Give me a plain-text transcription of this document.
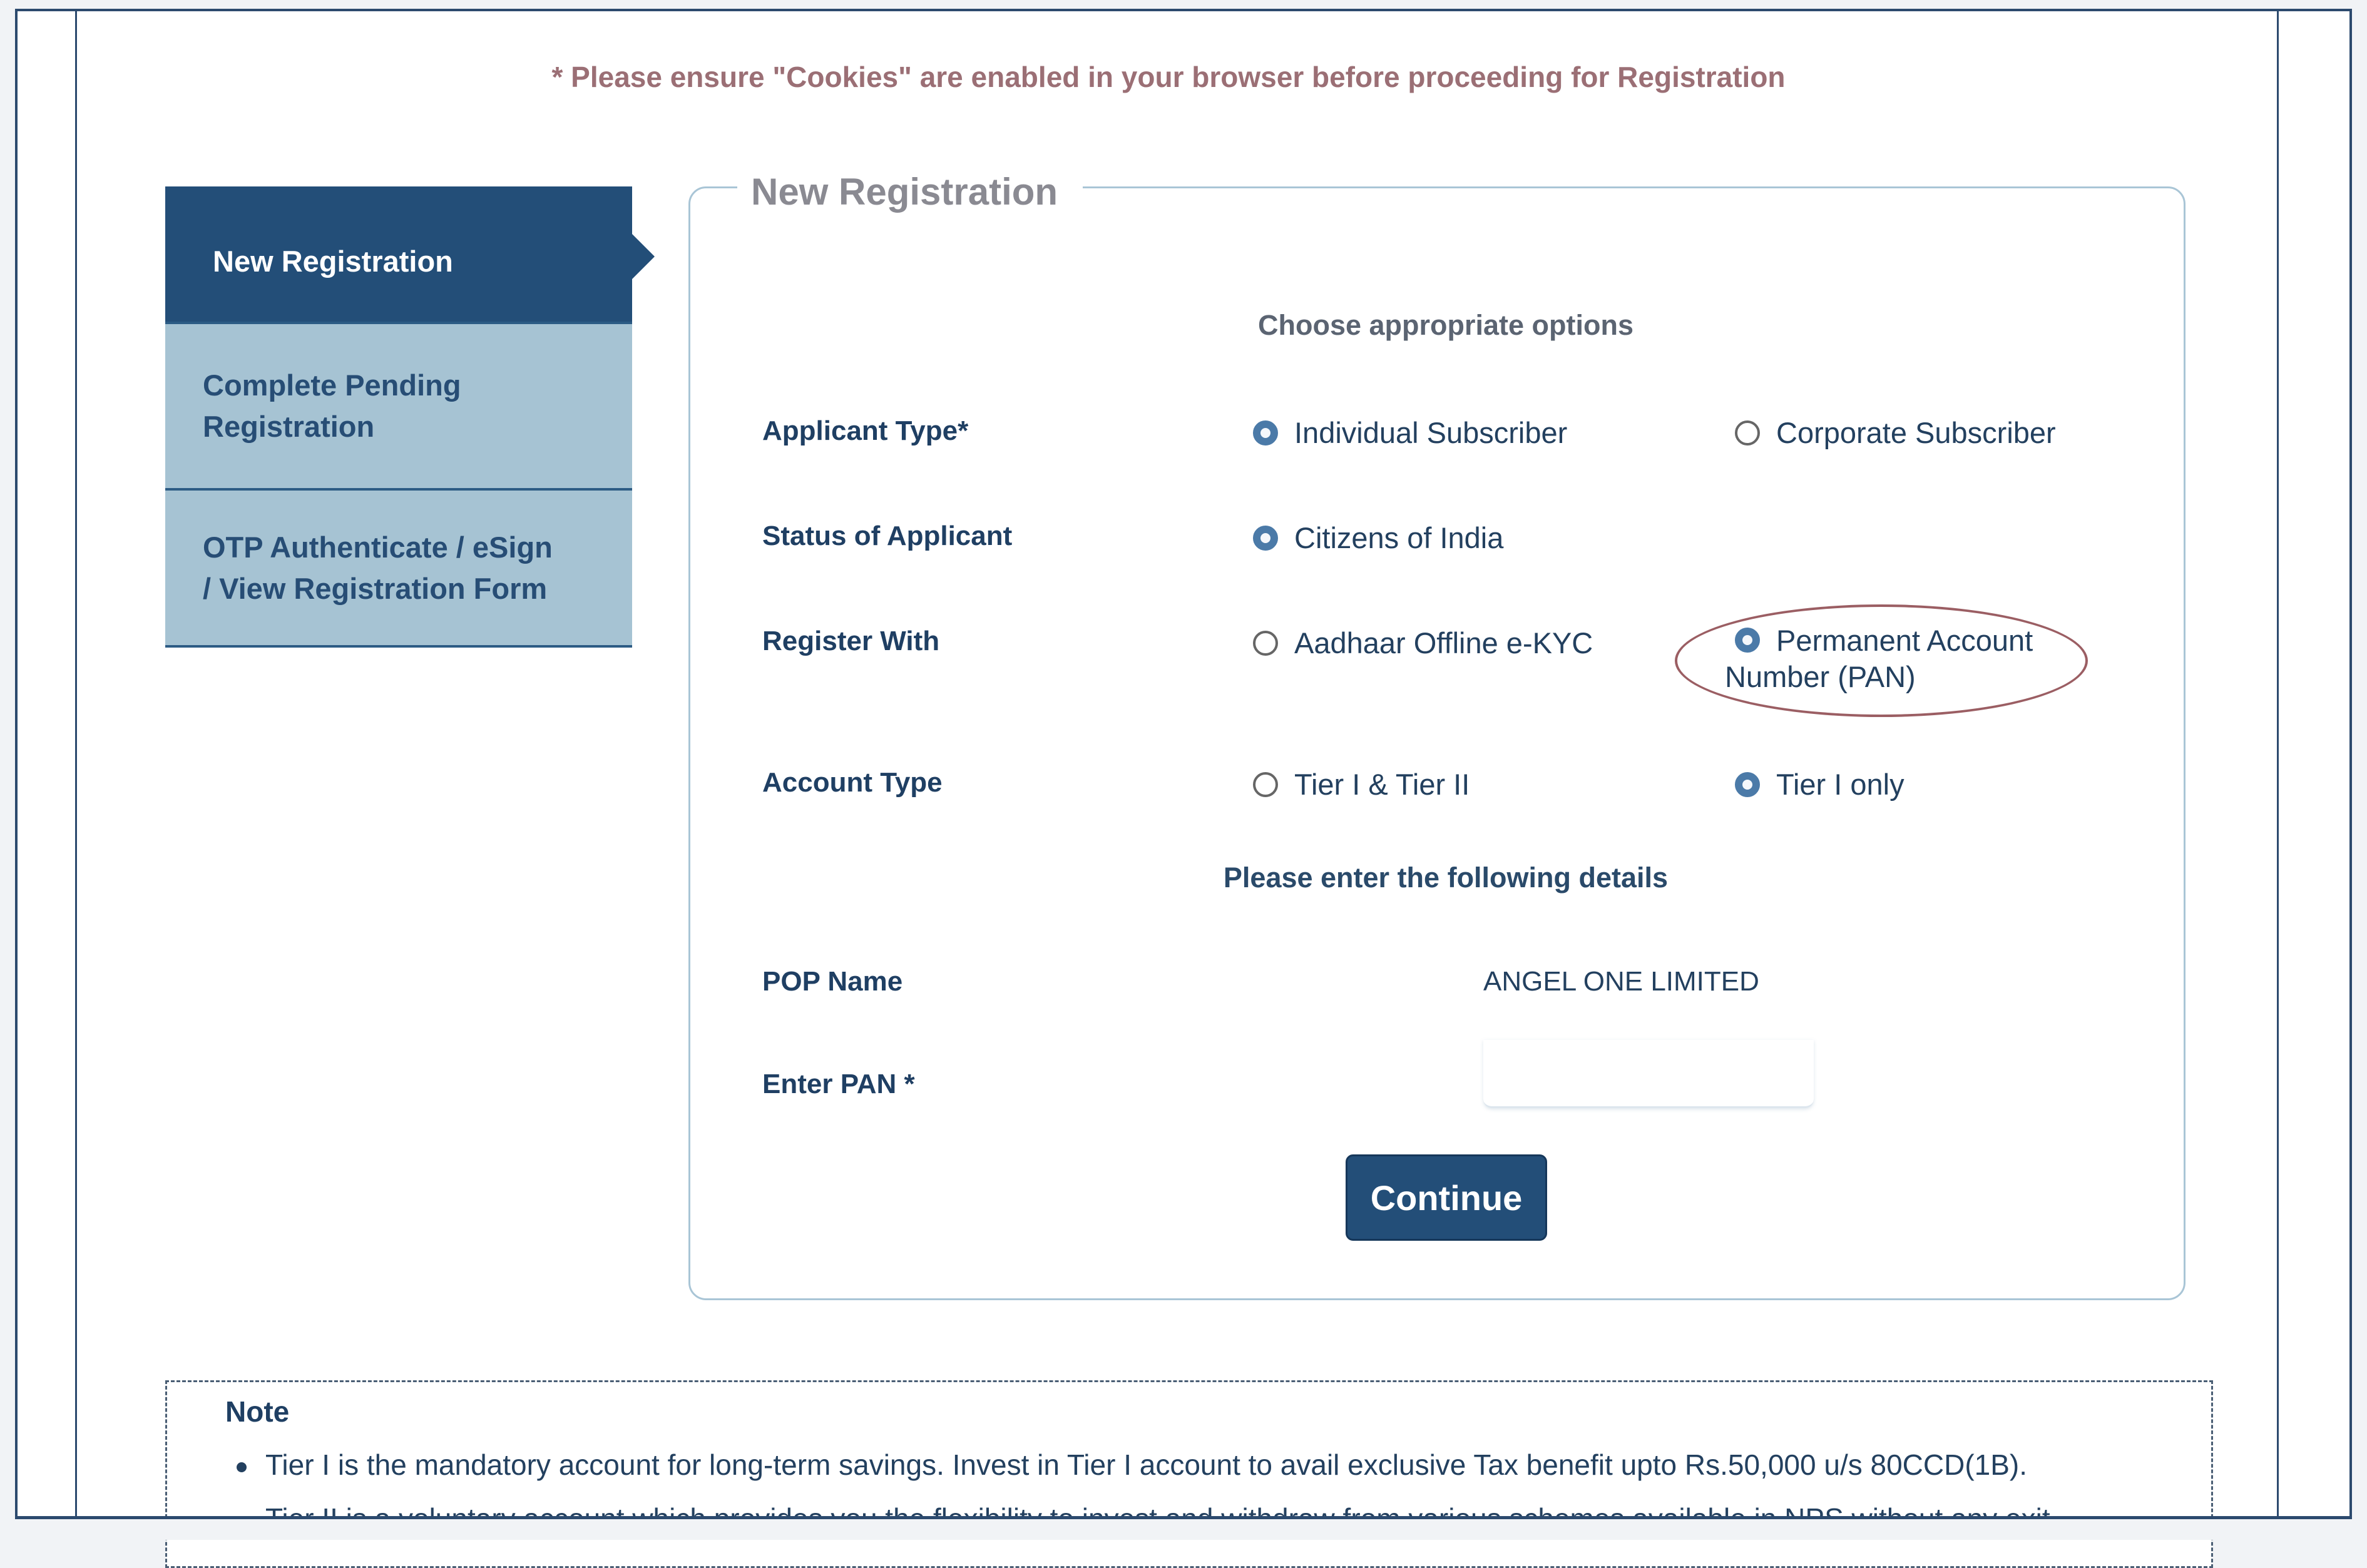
* Please ensure "Cookies" are enabled in your browser before proceeding for Registration
New Registration
Complete Pending
Registration
OTP Authenticate / eSign
/ View Registration Form
New Registration
Choose appropriate options
Applicant Type*	Individual Subscriber	Corporate Subscriber
Status of Applicant	Citizens of India
Register With	Aadhaar Offline e-KYC	Permanent Account
Number (PAN)
Account Type	Tier I & Tier II	Tier I only
Please enter the following details
POP Name	ANGEL ONE LIMITED
Enter PAN *
Continue
Note
Tier I is the mandatory account for long-term savings. Invest in Tier I account to avail exclusive Tax benefit upto Rs.50,000 u/s 80CCD(1B).
